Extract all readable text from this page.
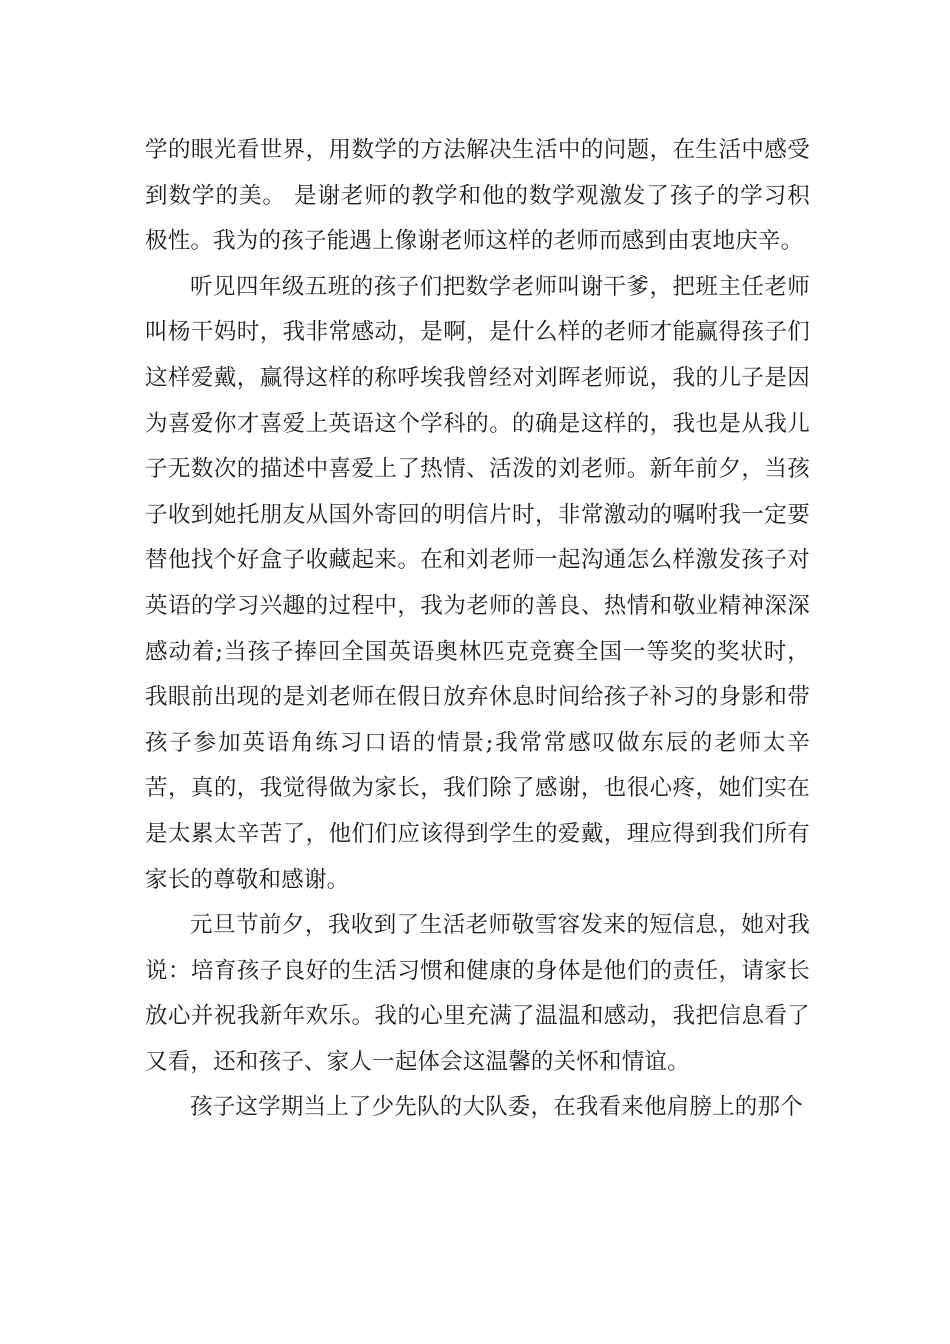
学的眼光看世界，用数学的方法解决生活中的问题，在生活中感受到数学的美。 是谢老师的教学和他的数学观激发了孩子的学习积极性。我为的孩子能遇上像谢老师这样的老师而感到由衷地庆辛。

听见四年级五班的孩子们把数学老师叫谢干爹，把班主任老师叫杨干妈时，我非常感动，是啊，是什么样的老师才能赢得孩子们这样爱戴，赢得这样的称呼埃我曾经对刘晖老师说，我的儿子是因为喜爱你才喜爱上英语这个学科的。的确是这样的，我也是从我儿子无数次的描述中喜爱上了热情、活泼的刘老师。新年前夕，当孩子收到她托朋友从国外寄回的明信片时，非常激动的嘱咐我一定要替他找个好盒子收藏起来。在和刘老师一起沟通怎么样激发孩子对英语的学习兴趣的过程中，我为老师的善良、热情和敬业精神深深感动着;当孩子捧回全国英语奥林匹克竞赛全国一等奖的奖状时，我眼前出现的是刘老师在假日放弃休息时间给孩子补习的身影和带孩子参加英语角练习口语的情景;我常常感叹做东辰的老师太辛苦，真的，我觉得做为家长，我们除了感谢，也很心疼，她们实在是太累太辛苦了，他们们应该得到学生的爱戴，理应得到我们所有家长的尊敬和感谢。

元旦节前夕，我收到了生活老师敬雪容发来的短信息，她对我说：培育孩子良好的生活习惯和健康的身体是他们的责任，请家长放心并祝我新年欢乐。我的心里充满了温温和感动，我把信息看了又看，还和孩子、家人一起体会这温馨的关怀和情谊。

孩子这学期当上了少先队的大队委，在我看来他肩膀上的那个
